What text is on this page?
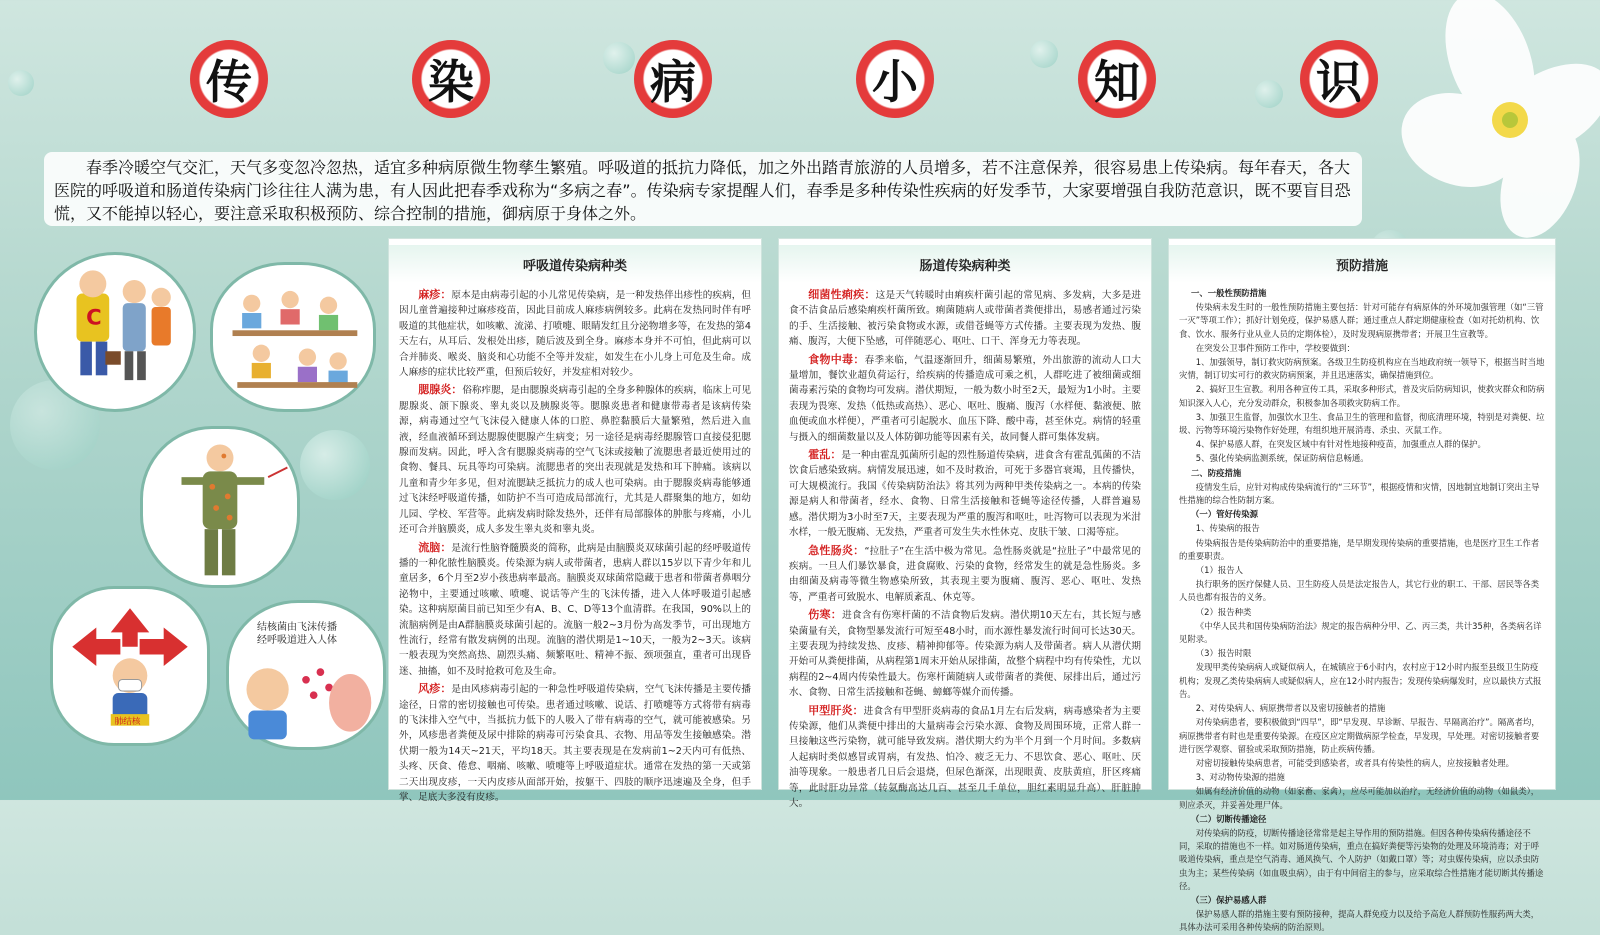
传	染	病	小	知	识
春季冷暖空气交汇，天气多变忽冷忽热，适宜多种病原微生物孳生繁殖。呼吸道的抵抗力降低，加之外出踏青旅游的人员增多，若不注意保养，很容易患上传染病。每年春天，各大医院的呼吸道和肠道传染病门诊往往人满为患，有人因此把春季戏称为“多病之春”。传染病专家提醒人们，春季是多种传染性疾病的好发季节，大家要增强自我防范意识，既不要盲目恐慌，又不能掉以轻心，要注意采取积极预防、综合控制的措施，御病原于身体之外。
C
肺结核
结核菌由飞沫传播
经呼吸道进入人体
呼吸道传染病种类
麻疹：原本是由病毒引起的小儿常见传染病，是一种发热伴出疹性的疾病，但因儿童普遍接种过麻疹疫苗，因此目前成人麻疹病例较多。此病在发热同时伴有呼吸道的其他症状，如咳嗽、流涕、打喷嚏、眼睛发红且分泌物增多等，在发热的第4天左右，从耳后、发根处出疹，随后波及到全身。麻疹本身并不可怕，但此病可以合并肺炎、喉炎、脑炎和心功能不全等并发症，如发生在小儿身上可危及生命。成人麻疹的症状比较严重，但预后较好，并发症相对较少。
腮腺炎：俗称痄腮，是由腮腺炎病毒引起的全身多种腺体的疾病，临床上可见腮腺炎、颌下腺炎、睾丸炎以及胰腺炎等。腮腺炎患者和健康带毒者是该病传染源，病毒通过空气飞沫侵入健康人体的口腔、鼻腔黏膜后大量繁殖，然后进入血液，经血液循环到达腮腺使腮腺产生病变；另一途径是病毒经腮腺管口直接侵犯腮腺而发病。因此，呼入含有腮腺炎病毒的空气飞沫或接触了流腮患者最近使用过的食物、餐具、玩具等均可染病。流腮患者的突出表现就是发热和耳下肿痛。该病以儿童和青少年多见，但对流腮缺乏抵抗力的成人也可染病。由于腮腺炎病毒能够通过飞沫经呼吸道传播，如防护不当可造成局部流行，尤其是人群聚集的地方，如幼儿园、学校、军营等。此病发病时除发热外，还伴有局部腺体的肿胀与疼痛，小儿还可合并脑膜炎，成人多发生睾丸炎和睾丸炎。
流脑：是流行性脑脊髓膜炎的简称，此病是由脑膜炎双球菌引起的经呼吸道传播的一种化脓性脑膜炎。传染源为病人或带菌者，患病人群以15岁以下青少年和儿童居多，6个月至2岁小孩患病率最高。脑膜炎双球菌常隐藏于患者和带菌者鼻咽分泌物中，主要通过咳嗽、喷嚏、说话等产生的飞沫传播，进入人体呼吸道引起感染。这种病原菌目前已知至少有A、B、C、D等13个血清群。在我国，90%以上的流脑病例是由A群脑膜炎球菌引起的。流脑一般2~3月份为高发季节，可出现地方性流行，经常有散发病例的出现。流脑的潜伏期是1~10天，一般为2~3天。该病一般表现为突然高热、剧烈头痛、频繁呕吐、精神不振、颈项强直，重者可出现昏迷、抽搐，如不及时抢救可危及生命。
风疹：是由风疹病毒引起的一种急性呼吸道传染病，空气飞沫传播是主要传播途径，日常的密切接触也可传染。患者通过咳嗽、说话、打喷嚏等方式将带有病毒的飞沫排入空气中，当抵抗力低下的人吸入了带有病毒的空气，就可能被感染。另外，风疹患者粪便及尿中排除的病毒可污染食具、衣物、用品等发生接触感染。潜伏期一般为14天~21天，平均18天。其主要表现是在发病前1~2天内可有低热、头疼、厌食、倦怠、咽痛、咳嗽、喷嚏等上呼吸道症状。通常在发热的第一天或第二天出现皮疹，一天内皮疹从面部开始，按躯干、四肢的顺序迅速遍及全身，但手掌、足底大多没有皮疹。
肠道传染病种类
细菌性痢疾：这是天气转暖时由痢疾杆菌引起的常见病、多发病，大多是进食不洁食品后感染痢疾杆菌所致。痢菌随病人或带菌者粪便排出，易感者通过污染的手、生活接触、被污染食物或水源，或借苍蝇等方式传播。主要表现为发热、腹痛、腹泻，大便下坠感，可伴随恶心、呕吐、口干、浑身无力等表现。
食物中毒：春季来临，气温逐渐回升，细菌易繁殖，外出旅游的流动人口大量增加，餐饮业超负荷运行，给疾病的传播造成可乘之机，人群吃进了被细菌或细菌毒素污染的食物均可发病。潜伏期短，一般为数小时至2天，最短为1小时。主要表现为畏寒、发热（低热或高热）、恶心、呕吐、腹痛、腹泻（水样便、黏液便、脓血便或血水样便），严重者可引起脱水、血压下降、酸中毒，甚至休克。病情的轻重与摄入的细菌数量以及人体防御功能等因素有关，故同餐人群可集体发病。
霍乱：是一种由霍乱弧菌所引起的烈性肠道传染病，进食含有霍乱弧菌的不洁饮食后感染致病。病情发展迅速，如不及时救治，可死于多器官衰竭，且传播快，可大规模流行。我国《传染病防治法》将其列为两种甲类传染病之一。本病的传染源是病人和带菌者，经水、食物、日常生活接触和苍蝇等途径传播，人群普遍易感。潜伏期为3小时至7天，主要表现为严重的腹泻和呕吐，吐泻物可以表现为米泔水样，一般无腹痛、无发热，严重者可发生失水性休克、皮肤干皱、口渴等症。
急性肠炎：“拉肚子”在生活中极为常见。急性肠炎就是“拉肚子”中最常见的疾病。一旦人们暴饮暴食，进食腐败、污染的食物，经常发生的就是急性肠炎。多由细菌及病毒等微生物感染所致，其表现主要为腹痛、腹泻、恶心、呕吐、发热等，严重者可致脱水、电解质紊乱、休克等。
伤寒：进食含有伤寒杆菌的不洁食物后发病。潜伏期10天左右，其长短与感染菌量有关，食物型暴发流行可短至48小时，而水源性暴发流行时间可长达30天。主要表现为持续发热、皮疹、精神抑郁等。传染源为病人及带菌者。病人从潜伏期开始可从粪便排菌，从病程第1周末开始从尿排菌，故整个病程中均有传染性，尤以病程的2~4周内传染性最大。伤寒杆菌随病人或带菌者的粪便、尿排出后，通过污水、食物、日常生活接触和苍蝇、蟑螂等媒介而传播。
甲型肝炎：进食含有甲型肝炎病毒的食品1月左右后发病，病毒感染者为主要传染源，他们从粪便中排出的大量病毒会污染水源、食物及周围环境，正常人群一旦接触这些污染物，就可能导致发病。潜伏期大约为半个月到一个月时间。多数病人起病时类似感冒或胃病，有发热、怕冷、疲乏无力、不思饮食、恶心、呕吐、厌油等现象。一般患者几日后会退烧，但尿色渐深，出现眼黄、皮肤黄疸，肝区疼痛等，此时肝功异常（转氨酶高达几百、甚至几千单位，胆红素明显升高）、肝脏肿大。
预防措施
一、一般性预防措施
传染病未发生时的一般性预防措施主要包括：针对可能存有病原体的外环境加强管理（如“三管一灭”等项工作）；抓好计划免疫，保护易感人群；通过重点人群定期健康检查（如对托幼机构、饮食、饮水、服务行业从业人员的定期体检），及时发现病原携带者；开展卫生宣教等。
在突发公卫事件预防工作中，学校要做到：
1、加强领导，制订救灾防病预案。各级卫生防疫机构应在当地政府统一领导下，根据当时当地灾情，制订切实可行的救灾防病预案，并且迅速落实，确保措施到位。
2、搞好卫生宣教。利用各种宣传工具，采取多种形式，普及灾后防病知识，使救灾群众和防病知识深入人心，充分发动群众，积极参加各项救灾防病工作。
3、加强卫生监督，加强饮水卫生、食品卫生的管理和监督，彻底清理环境，特别是对粪便、垃圾、污物等环境污染物作好处理，有组织地开展消毒、杀虫、灭鼠工作。
4、保护易感人群，在突发区域中有针对性地接种疫苗，加强重点人群的保护。
5、强化传染病监测系统，保证防病信息畅通。
二、防疫措施
疫情发生后，应针对构成传染病流行的“三环节”，根据疫情和灾情，因地制宜地制订突出主导性措施的综合性防制方案。
（一）管好传染源
1、传染病的报告
传染病报告是传染病防治中的重要措施，是早期发现传染病的重要措施，也是医疗卫生工作者的重要职责。
（1）报告人
执行职务的医疗保健人员、卫生防疫人员是法定报告人，其它行业的职工、干部、居民等各类人员也都有报告的义务。
（2）报告种类
《中华人民共和国传染病防治法》规定的报告病种分甲、乙、丙三类，共计35种，各类病名详见附录。
（3）报告时限
发现甲类传染病病人或疑似病人，在城镇应于6小时内，农村应于12小时内报至县级卫生防疫机构；发现乙类传染病病人或疑似病人，应在12小时内报告；发现传染病爆发时，应以最快方式报告。
2、对传染病人、病原携带者以及密切接触者的措施
对传染病患者，要积极做到“四早”，即“早发现、早诊断、早报告、早隔离治疗”。隔离者均，病原携带者有时也是重要传染源。在疫区应定期做病原学检查，早发现，早处理。对密切接触者要进行医学观察、留验或采取预防措施，防止疾病传播。
对密切接触传染病患者，可能受到感染者，或者具有传染性的病人，应按接触者处理。
3、对动物传染源的措施
如属有经济价值的动物（如家畜、家禽），应尽可能加以治疗，无经济价值的动物（如鼠类），则应杀灭，并妥善处理尸体。
（二）切断传播途径
对传染病的防疫，切断传播途径常常是起主导作用的预防措施。但因各种传染病传播途径不同，采取的措施也不一样。如对肠道传染病，重点在搞好粪便等污染物的处理及环境消毒；对于呼吸道传染病，重点是空气消毒、通风换气、个人防护（如戴口罩）等；对虫媒传染病，应以杀虫防虫为主；某些传染病（如血吸虫病），由于有中间宿主的参与，应采取综合性措施才能切断其传播途径。
（三）保护易感人群
保护易感人群的措施主要有预防接种，提高人群免疫力以及给予高危人群预防性服药两大类，具体办法可采用各种传染病的防治原则。
